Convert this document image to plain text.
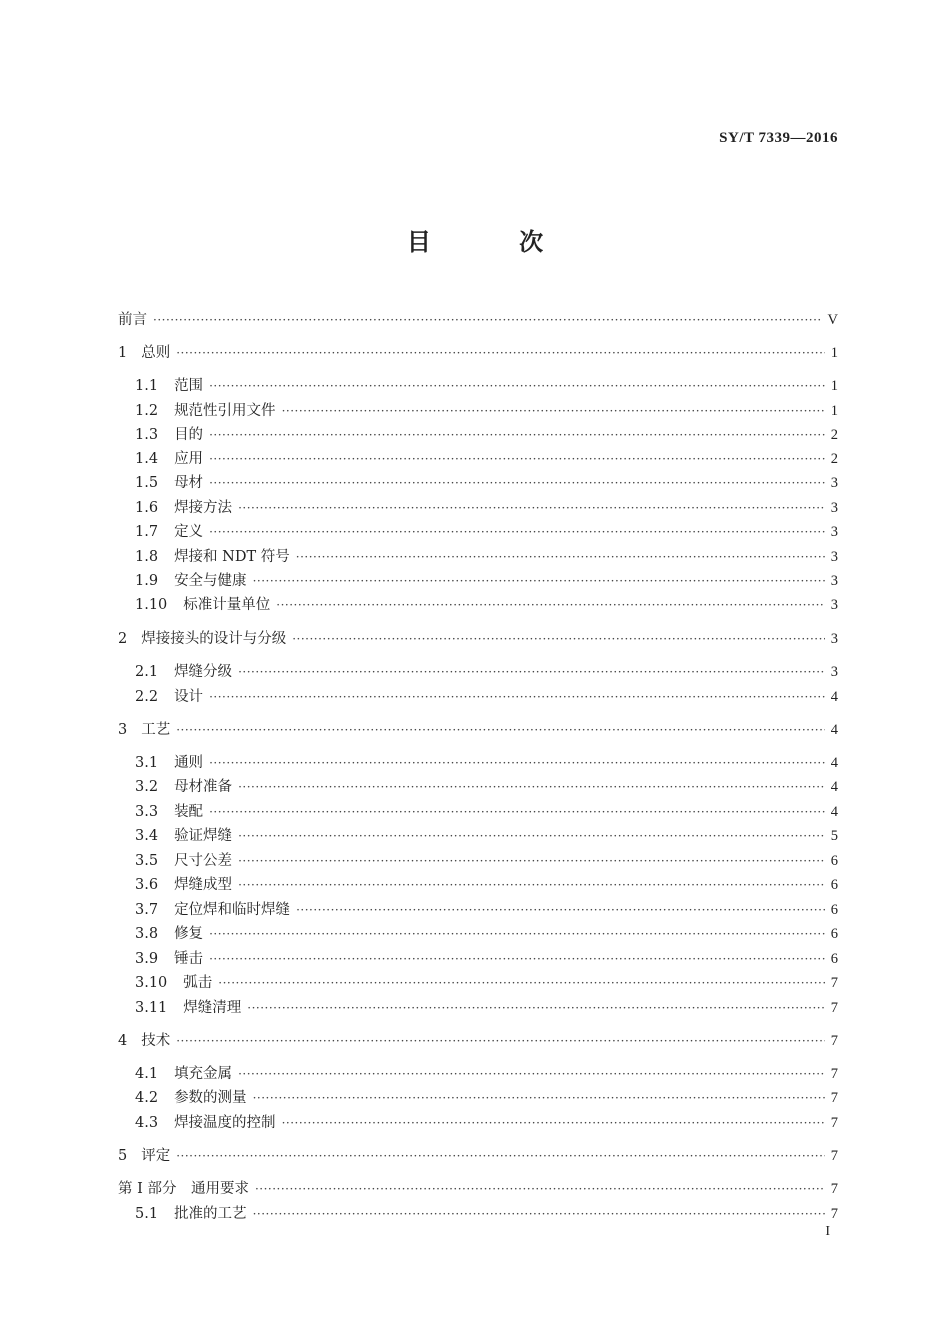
SY/T 7339—2016
目 次
前言 ·····	V
1 总则 ·····	1
1.1 范围 ·····	1
1.2 规范性引用文件 ·····	1
1.3 目的 ·····	2
1.4 应用 ·····	2
1.5 母材 ·····	3
1.6 焊接方法 ·····	3
1.7 定义 ·····	3
1.8 焊接和 NDT 符号 ·····	3
1.9 安全与健康 ·····	3
1.10 标准计量单位 ·····	3
2 焊接接头的设计与分级 ·····	3
2.1 焊缝分级 ·····	3
2.2 设计 ·····	4
3 工艺 ·····	4
3.1 通则 ·····	4
3.2 母材准备 ·····	4
3.3 装配 ·····	4
3.4 验证焊缝 ·····	5
3.5 尺寸公差 ·····	6
3.6 焊缝成型 ·····	6
3.7 定位焊和临时焊缝 ·····	6
3.8 修复 ·····	6
3.9 锤击 ·····	6
3.10 弧击 ·····	7
3.11 焊缝清理 ·····	7
4 技术 ·····	7
4.1 填充金属 ·····	7
4.2 参数的测量 ·····	7
4.3 焊接温度的控制 ·····	7
5 评定 ·····	7
第 I 部分　通用要求 ·····	7
5.1 批准的工艺 ·····	7
I
